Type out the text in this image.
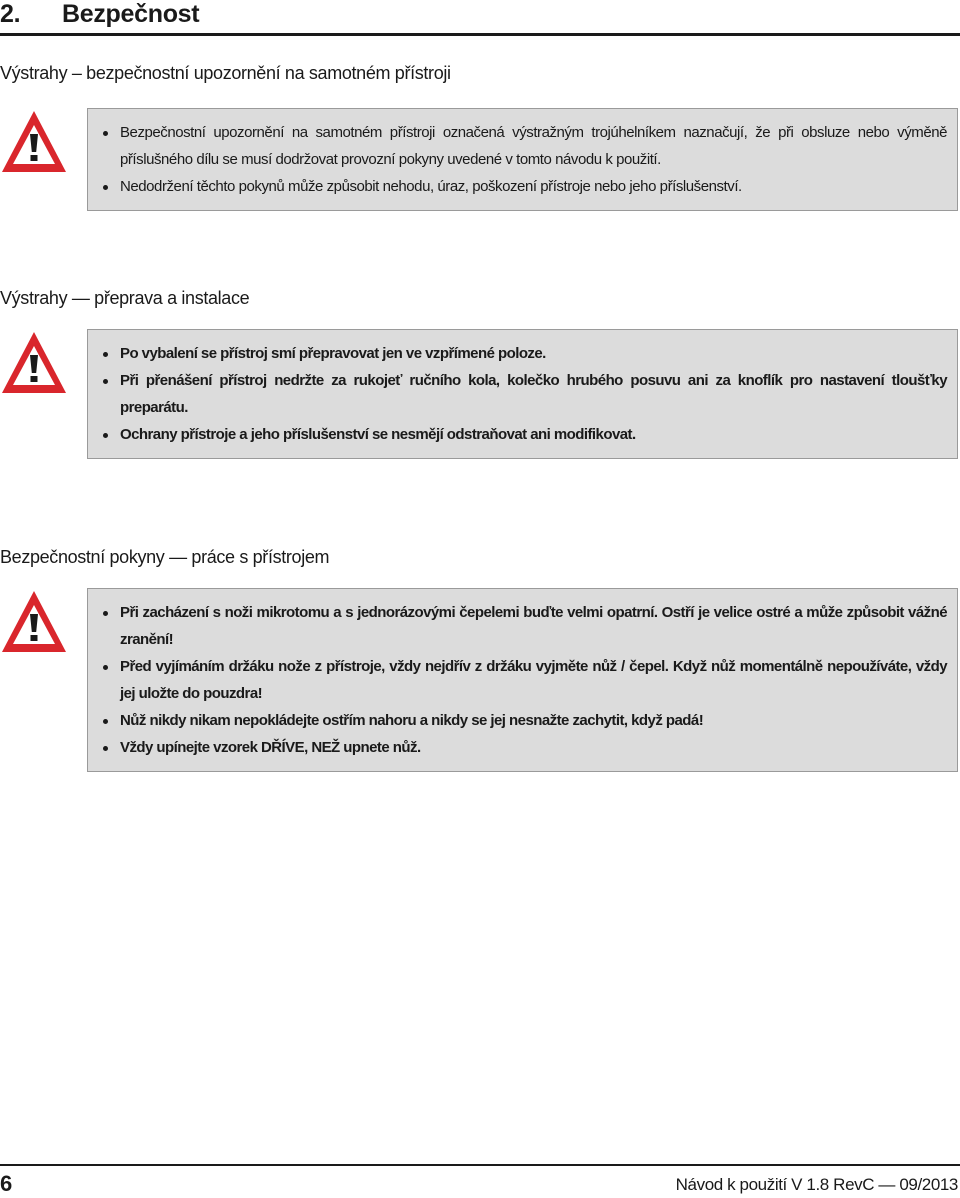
2. Bezpečnost
Výstrahy – bezpečnostní upozornění na samotném přístroji
Bezpečnostní upozornění na samotném přístroji označená výstražným trojúhelníkem naznačují, že při obsluze nebo výměně příslušného dílu se musí dodržovat provozní pokyny uvedené v tomto návodu k použití.
Nedodržení těchto pokynů může způsobit nehodu, úraz, poškození přístroje nebo jeho příslušenství.
Výstrahy — přeprava a instalace
Po vybalení se přístroj smí přepravovat jen ve vzpřímené poloze.
Při přenášení přístroj nedržte za rukojeť ručního kola, kolečko hrubého posuvu ani za knoflík pro nastavení tloušťky preparátu.
Ochrany přístroje a jeho příslušenství se nesmějí odstraňovat ani modifikovat.
Bezpečnostní pokyny — práce s přístrojem
Při zacházení s noži mikrotomu a s jednorázovými čepelemi buďte velmi opatrní. Ostří je velice ostré a může způsobit vážné zranění!
Před vyjímáním držáku nože z přístroje, vždy nejdřív z držáku vyjměte nůž / čepel. Když nůž momentálně nepoužíváte, vždy jej uložte do pouzdra!
Nůž nikdy nikam nepokládejte ostřím nahoru a nikdy se jej nesnažte zachytit, když padá!
Vždy upínejte vzorek DŘÍVE, NEŽ upnete nůž.
6	Návod k použití V 1.8 RevC — 09/2013
